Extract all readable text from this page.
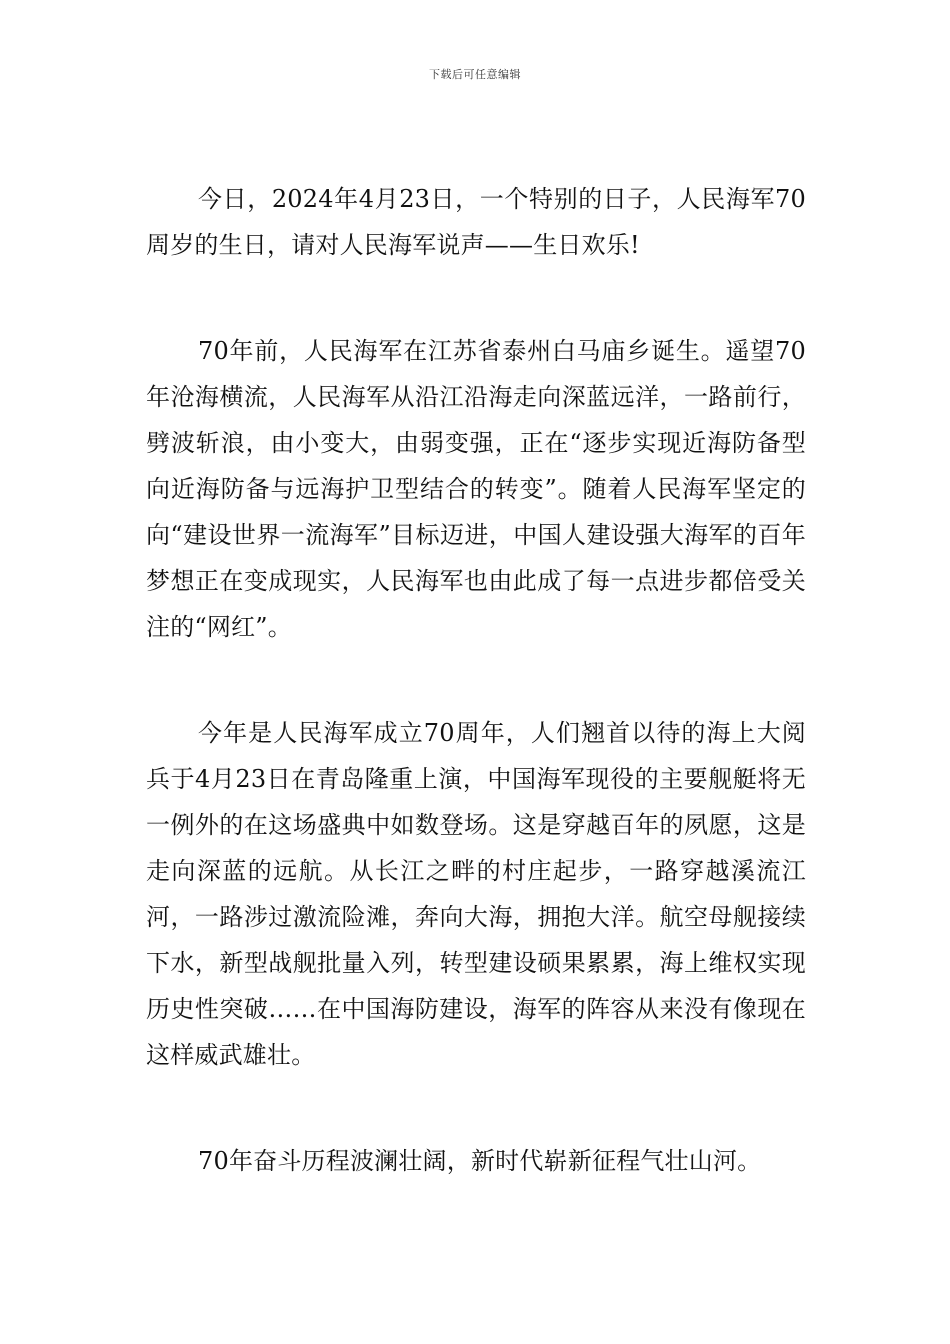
下载后可任意编辑

今日，2024年4月23日，一个特别的日子，人民海军70周岁的生日，请对人民海军说声——生日欢乐!

70年前，人民海军在江苏省泰州白马庙乡诞生。遥望70年沧海横流，人民海军从沿江沿海走向深蓝远洋，一路前行，劈波斩浪，由小变大，由弱变强，正在“逐步实现近海防备型向近海防备与远海护卫型结合的转变”。随着人民海军坚定的向“建设世界一流海军”目标迈进，中国人建设强大海军的百年梦想正在变成现实，人民海军也由此成了每一点进步都倍受关注的“网红”。

今年是人民海军成立70周年，人们翘首以待的海上大阅兵于4月23日在青岛隆重上演，中国海军现役的主要舰艇将无一例外的在这场盛典中如数登场。这是穿越百年的夙愿，这是走向深蓝的远航。从长江之畔的村庄起步，一路穿越溪流江河，一路涉过激流险滩，奔向大海，拥抱大洋。航空母舰接续下水，新型战舰批量入列，转型建设硕果累累，海上维权实现历史性突破……在中国海防建设，海军的阵容从来没有像现在这样威武雄壮。

70年奋斗历程波澜壮阔，新时代崭新征程气壮山河。
